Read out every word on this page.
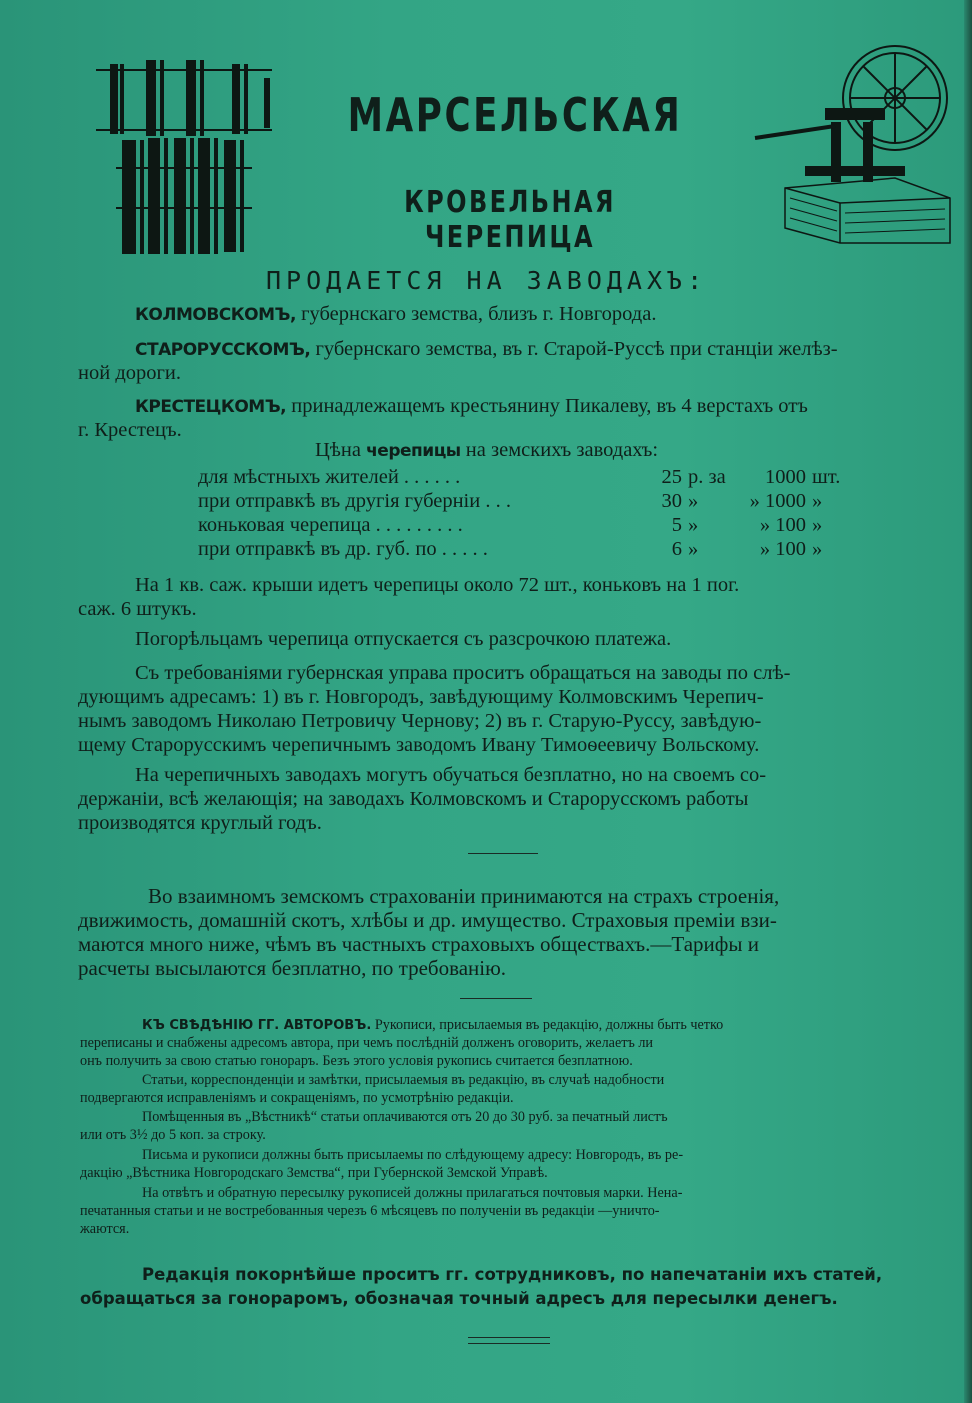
МАРСЕЛЬСКАЯ
КРОВЕЛЬНАЯ ЧЕРЕПИЦА
ПРОДАЕТСЯ НА ЗАВОДАХЪ:
КОЛМОВСКОМЪ, губернскаго земства, близъ г. Новгорода.
СТАРОРУССКОМЪ, губернскаго земства, въ г. Старой-Руссѣ при станціи желѣз-
ной дороги.
КРЕСТЕЦКОМЪ, принадлежащемъ крестьянину Пикалеву, въ 4 верстахъ отъ
г. Крестецъ.
Цѣна черепицы на земскихъ заводахъ:
для мѣстныхъ жителей . . . . . .	25 р. за	1000 шт.
при отправкѣ въ другія губерніи . . .	30 »	» 1000 »
коньковая черепица . . . . . . . . .	5 »	» 100 »
при отправкѣ въ др. губ. по . . . . .	6 »	» 100 »
На 1 кв. саж. крыши идетъ черепицы около 72 шт., коньковъ на 1 пог.
саж. 6 штукъ.
Погорѣльцамъ черепица отпускается съ разсрочкою платежа.
Съ требованіями губернская управа проситъ обращаться на заводы по слѣ-
дующимъ адресамъ: 1) въ г. Новгородъ, завѣдующиму Колмовскимъ Черепич-
нымъ заводомъ Николаю Петровичу Чернову; 2) въ г. Старую-Руссу, завѣдую-
щему Старорусскимъ черепичнымъ заводомъ Ивану Тимоѳеевичу Вольскому.
На черепичныхъ заводахъ могутъ обучаться безплатно, но на своемъ со-
держаніи, всѣ желающія; на заводахъ Колмовскомъ и Старорусскомъ работы
производятся круглый годъ.
Во взаимномъ земскомъ страхованіи принимаются на страхъ строенія,
движимость, домашній скотъ, хлѣбы и др. имущество. Страховыя преміи взи-
маются много ниже, чѣмъ въ частныхъ страховыхъ обществахъ.—Тарифы и
расчеты высылаются безплатно, по требованію.
КЪ СВѢДѢНІЮ ГГ. АВТОРОВЪ. Рукописи, присылаемыя въ редакцію, должны быть четко
переписаны и снабжены адресомъ автора, при чемъ послѣдній долженъ оговорить, желаетъ ли
онъ получить за свою статью гонораръ. Безъ этого условія рукопись считается безплатною.
Статьи, корреспонденціи и замѣтки, присылаемыя въ редакцію, въ случаѣ надобности
подвергаются исправленіямъ и сокращеніямъ, по усмотрѣнію редакціи.
Помѣщенныя въ „Вѣстникѣ“ статьи оплачиваются отъ 20 до 30 руб. за печатный листъ
или отъ 3½ до 5 коп. за строку.
Письма и рукописи должны быть присылаемы по слѣдующему адресу: Новгородъ, въ ре-
дакцію „Вѣстника Новгородскаго Земства“, при Губернской Земской Управѣ.
На отвѣтъ и обратную пересылку рукописей должны прилагаться почтовыя марки. Нена-
печатанныя статьи и не востребованныя черезъ 6 мѣсяцевъ по полученіи въ редакціи —уничто-
жаются.
Редакція покорнѣйше проситъ гг. сотрудниковъ, по напечатаніи ихъ статей,
обращаться за гонораромъ, обозначая точный адресъ для пересылки денегъ.
